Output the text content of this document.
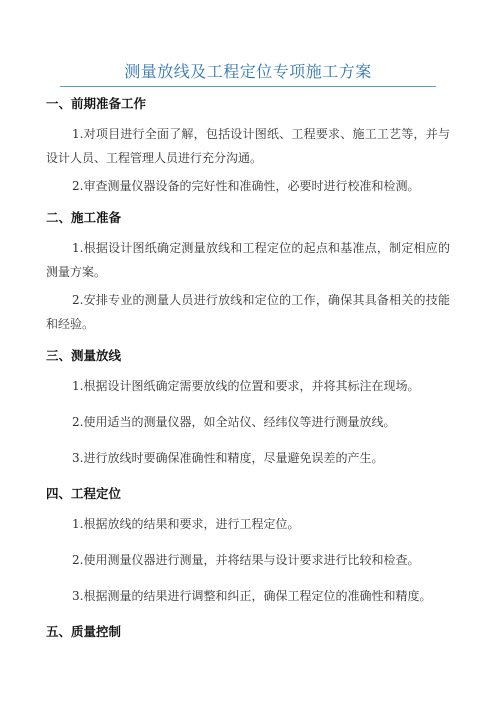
测量放线及工程定位专项施工方案
一、前期准备工作
1.对项目进行全面了解，包括设计图纸、工程要求、施工工艺等，并与设计人员、工程管理人员进行充分沟通。
2.审查测量仪器设备的完好性和准确性，必要时进行校准和检测。
二、施工准备
1.根据设计图纸确定测量放线和工程定位的起点和基准点，制定相应的测量方案。
2.安排专业的测量人员进行放线和定位的工作，确保其具备相关的技能和经验。
三、测量放线
1.根据设计图纸确定需要放线的位置和要求，并将其标注在现场。
2.使用适当的测量仪器，如全站仪、经纬仪等进行测量放线。
3.进行放线时要确保准确性和精度，尽量避免误差的产生。
四、工程定位
1.根据放线的结果和要求，进行工程定位。
2.使用测量仪器进行测量，并将结果与设计要求进行比较和检查。
3.根据测量的结果进行调整和纠正，确保工程定位的准确性和精度。
五、质量控制
